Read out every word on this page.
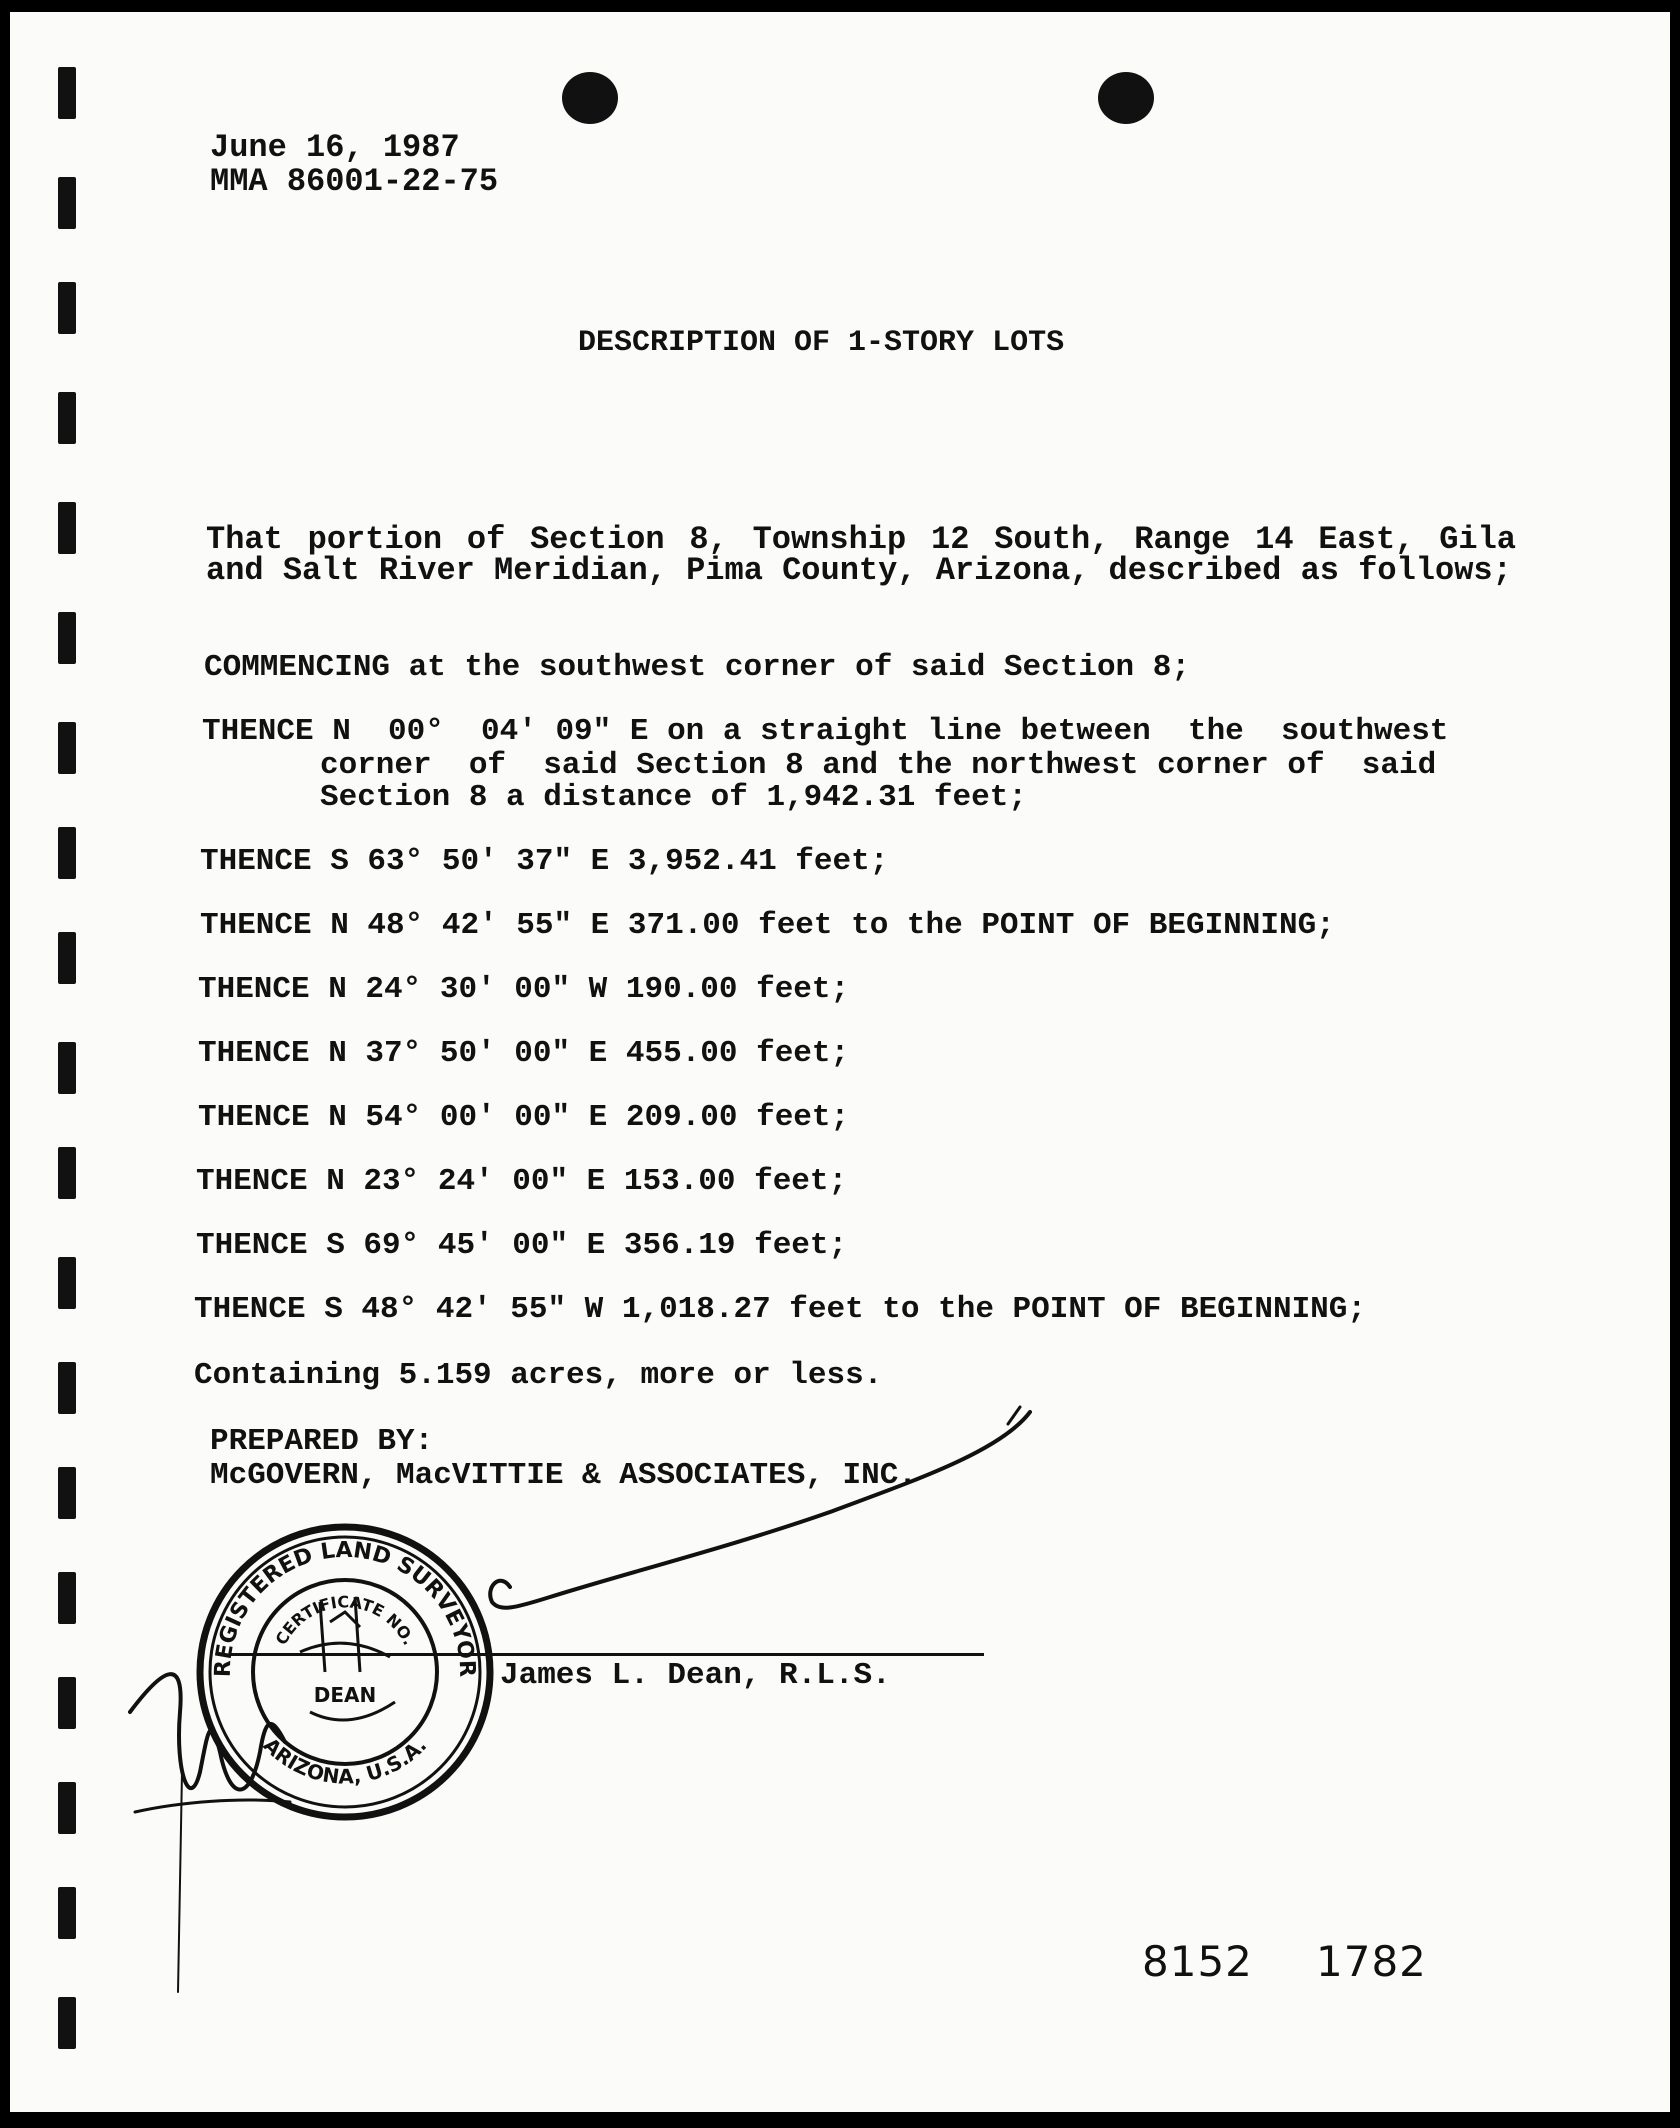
June 16, 1987
MMA 86001-22-75
DESCRIPTION OF 1-STORY LOTS
That portion of Section 8, Township 12 South, Range 14 East, Gila and Salt River Meridian, Pima County, Arizona, described as follows;
COMMENCING at the southwest corner of said Section 8;
THENCE N  00°  04' 09" E on a straight line between  the  southwest
corner  of  said Section 8 and the northwest corner of  said
Section 8 a distance of 1,942.31 feet;
THENCE S 63° 50' 37" E 3,952.41 feet;
THENCE N 48° 42' 55" E 371.00 feet to the POINT OF BEGINNING;
THENCE N 24° 30' 00" W 190.00 feet;
THENCE N 37° 50' 00" E 455.00 feet;
THENCE N 54° 00' 00" E 209.00 feet;
THENCE N 23° 24' 00" E 153.00 feet;
THENCE S 69° 45' 00" E 356.19 feet;
THENCE S 48° 42' 55" W 1,018.27 feet to the POINT OF BEGINNING;
Containing 5.159 acres, more or less.
PREPARED BY:
McGOVERN, MacVITTIE & ASSOCIATES, INC.
James L. Dean, R.L.S.
REGISTERED LAND SURVEYOR
CERTIFICATE NO.
ARIZONA, U.S.A.
DEAN
8152 1782
